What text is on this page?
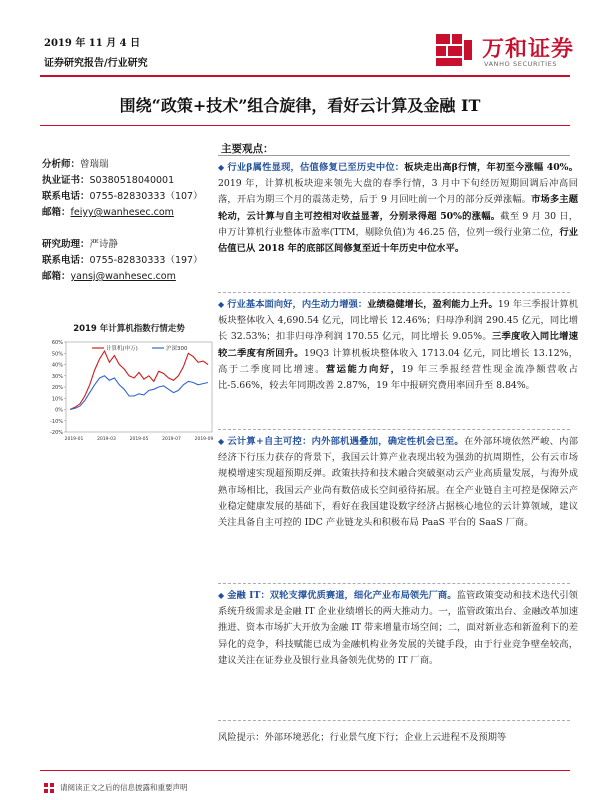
2019 年 11 月 4 日
证券研究报告/行业研究
万和证券
VANHO SECURITIES
围绕“政策+技术”组合旋律，看好云计算及金融 IT
分析师：曾瑞瑞
执业证书：S0380518040001
联系电话：0755-82830333（107）
邮箱：feiyy@wanhesec.com
研究助理：严诗静
联系电话：0755-82830333（197）
邮箱：yansj@wanhesec.com
2019 年计算机指数行情走势
-20%
-10%
0%
10%
20%
30%
40%
50%
60%
2019-01	2019-03	2019-05	2019-07	2019-09
计算机(申万)	沪深300
主要观点：
◆ 行业β属性显现，估值修复已至历史中位：板块走出高β行情，年初至今涨幅 40%。2019 年，计算机板块迎来领先大盘的春季行情，3 月中下旬经历短期回调后冲高回落，开启为期三个月的震荡走势，后于 9 月回吐前一个月的部分反弹涨幅。市场多主题轮动，云计算与自主可控相对收益显著，分别录得超 50%的涨幅。截至 9 月 30 日，申万计算机行业整体市盈率(TTM，剔除负值)为 46.25 倍，位列一级行业第二位，行业估值已从 2018 年的底部区间修复至近十年历史中位水平。
◆ 行业基本面向好，内生动力增强：业绩稳健增长，盈利能力上升。19 年三季报计算机板块整体收入 4,690.54 亿元，同比增长 12.46%；归母净利润 290.45 亿元，同比增长 32.53%；扣非归母净利润 170.55 亿元，同比增长 9.05%。三季度收入同比增速较二季度有所回升。19Q3 计算机板块整体收入 1713.04 亿元，同比增长 13.12%，高于二季度同比增速。营运能力向好，19 年三季报经营性现金流净额营收占比-5.66%，较去年同期改善 2.87%，19 年中报研究费用率回升至 8.84%。
◆ 云计算+自主可控：内外部机遇叠加，确定性机会已至。在外部环境依然严峻、内部经济下行压力获存的背景下，我国云计算产业表现出较为强劲的抗周期性，公有云市场规模增速实现超预期反弹。政策扶持和技术融合突破驱动云产业高质量发展，与海外成熟市场相比，我国云产业尚有数倍成长空间亟待拓展。在全产业链自主可控是保障云产业稳定健康发展的基础下，看好在我国建设数字经济占据核心地位的云计算领域，建议关注具备自主可控的 IDC 产业链龙头和积极布局 PaaS 平台的 SaaS 厂商。
◆ 金融 IT：双轮支撑优质赛道，细化产业布局领先厂商。监管政策变动和技术迭代引领系统升级需求是金融 IT 企业业绩增长的两大推动力。一，监管政策出台、金融改革加速推进、资本市场扩大开放为金融 IT 带来增量市场空间；二，面对新业态和新盈利下的差异化的竞争，科技赋能已成为金融机构业务发展的关键手段，由于行业竞争壁垒较高，建议关注在证券业及银行业具备领先优势的 IT 厂商。
风险提示：外部环境恶化；行业景气度下行；企业上云进程不及预期等
请阅读正文之后的信息披露和重要声明
